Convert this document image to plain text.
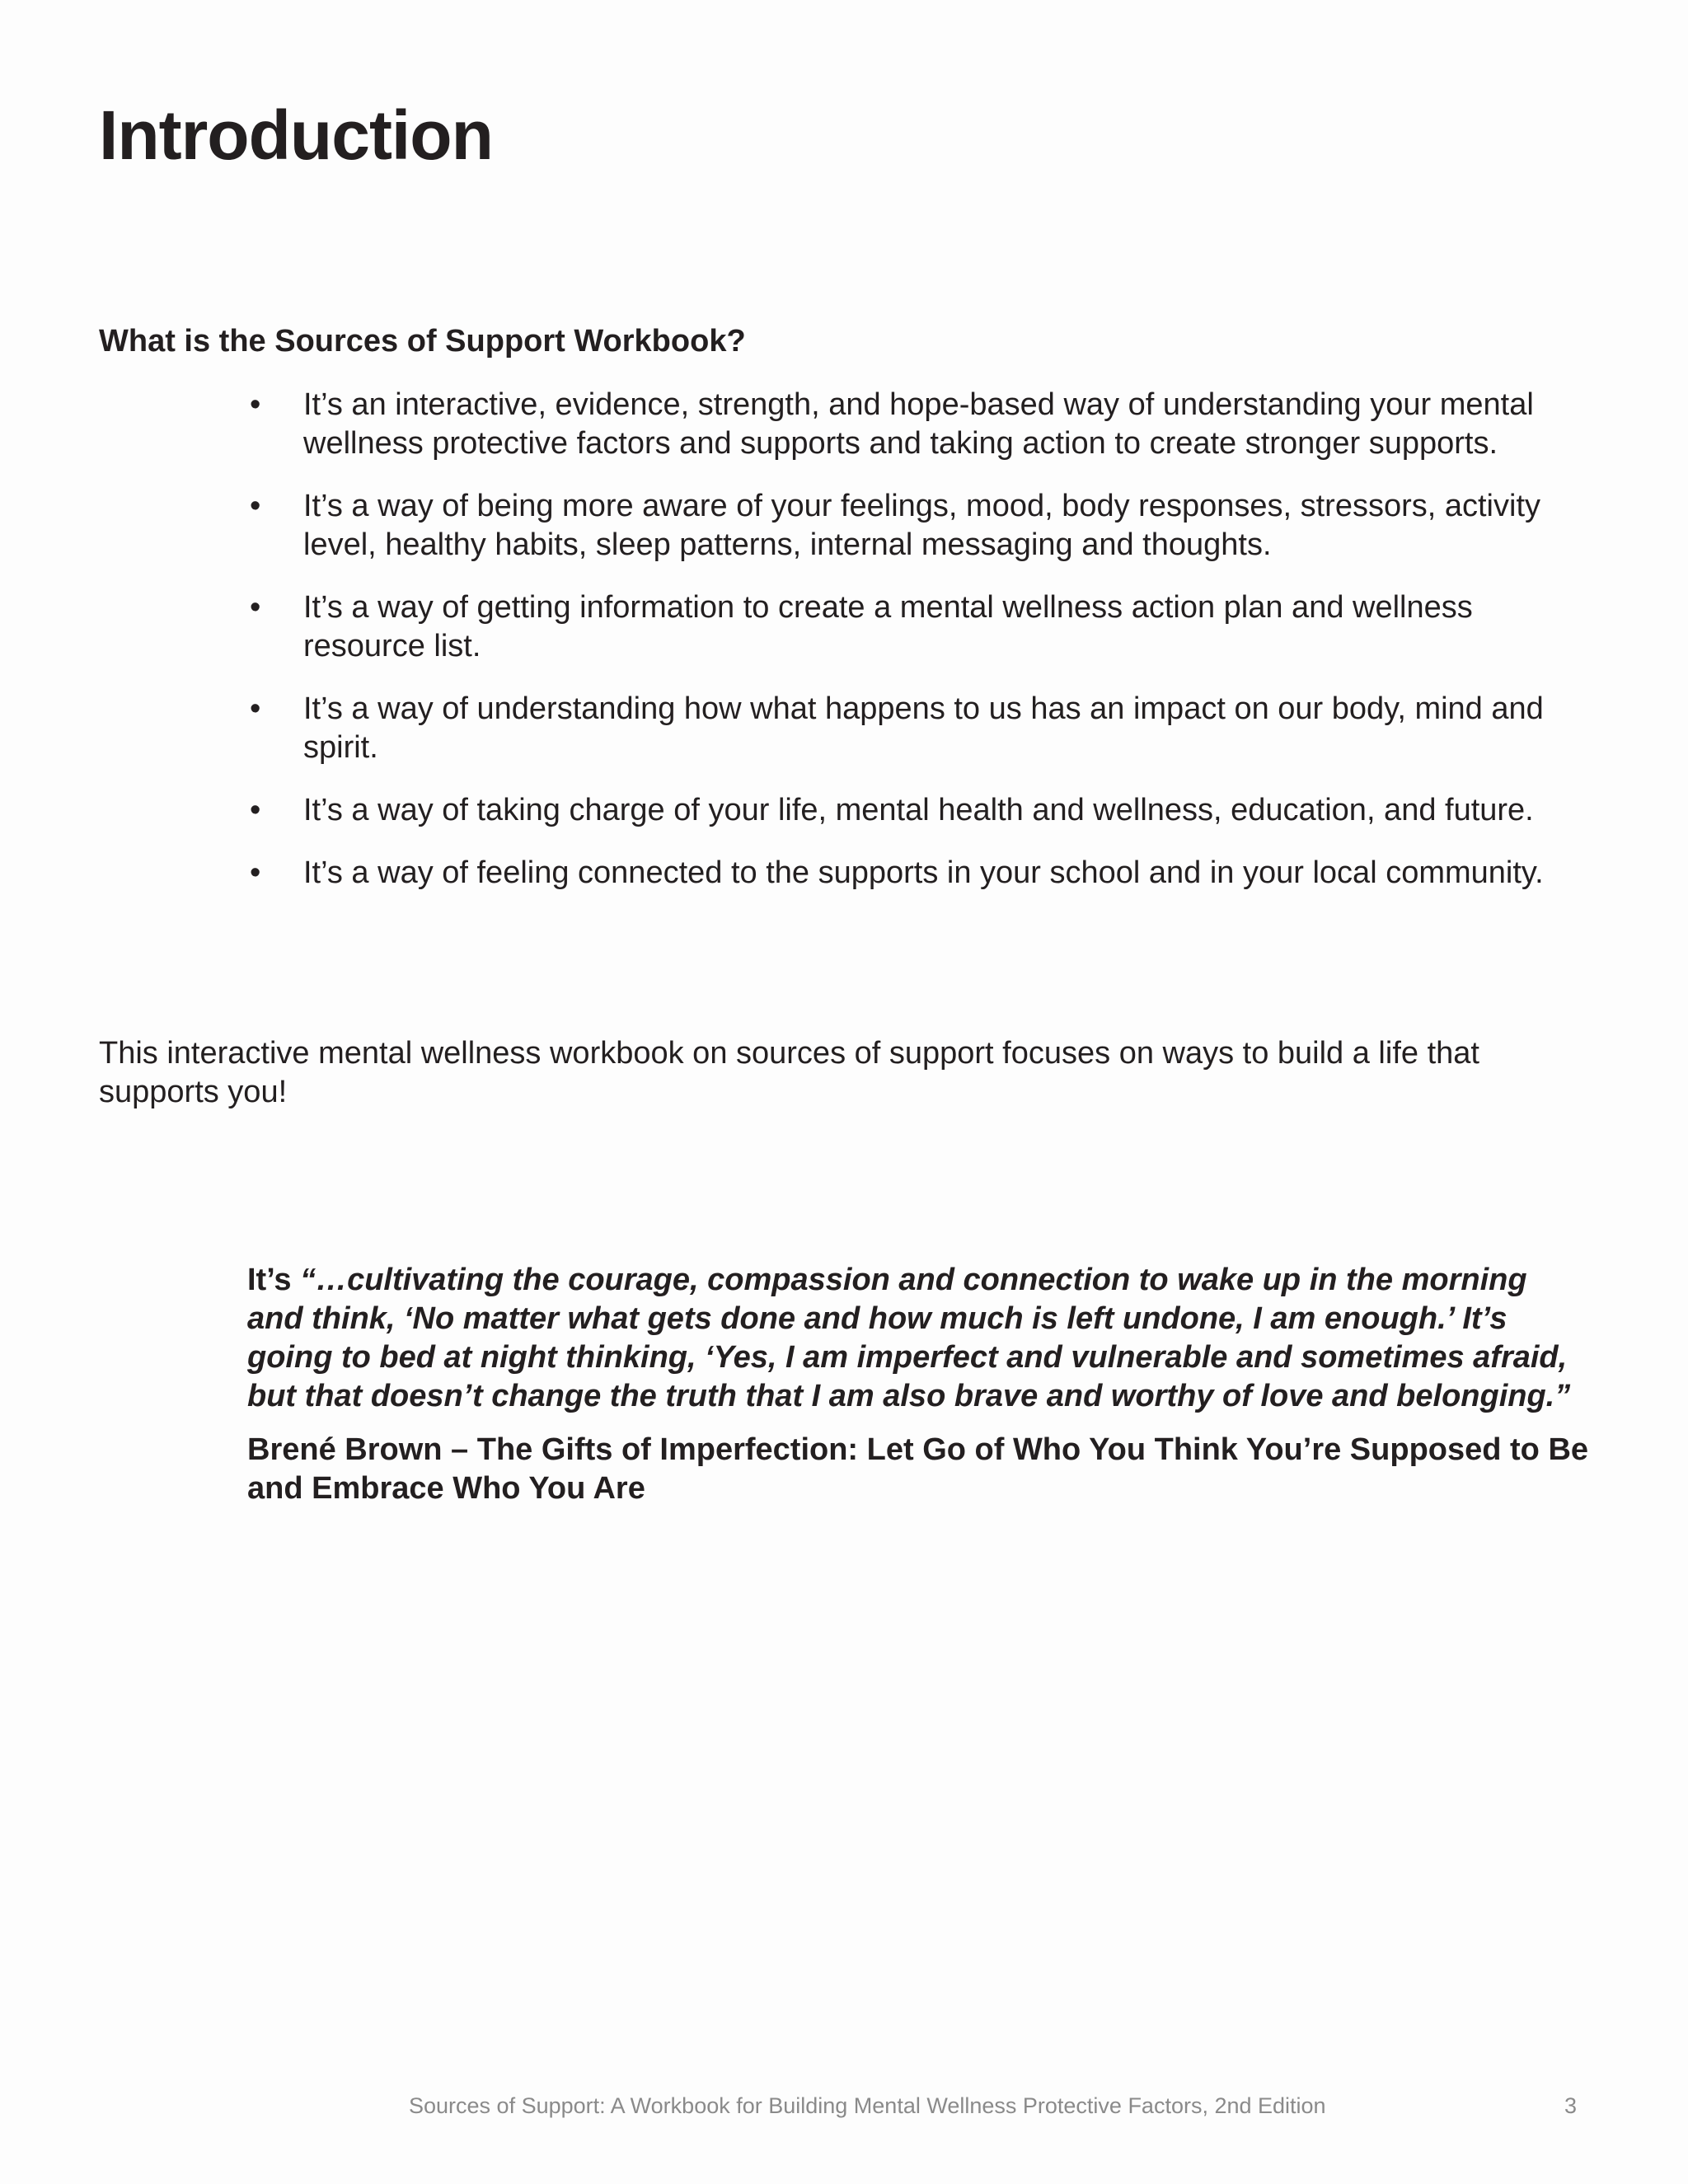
Introduction
What is the Sources of Support Workbook?
• It’s an interactive, evidence, strength, and hope-based way of understanding your mental wellness protective factors and supports and taking action to create stronger supports.
• It’s a way of being more aware of your feelings, mood, body responses, stressors, activity level, healthy habits, sleep patterns, internal messaging and thoughts.
• It’s a way of getting information to create a mental wellness action plan and wellness resource list.
• It’s a way of understanding how what happens to us has an impact on our body, mind and spirit.
• It’s a way of taking charge of your life, mental health and wellness, education, and future.
• It’s a way of feeling connected to the supports in your school and in your local community.

This interactive mental wellness workbook on sources of support focuses on ways to build a life that supports you!

It’s “…cultivating the courage, compassion and connection to wake up in the morning and think, ‘No matter what gets done and how much is left undone, I am enough.’ It’s going to bed at night thinking, ‘Yes, I am imperfect and vulnerable and sometimes afraid, but that doesn’t change the truth that I am also brave and worthy of love and belonging.”

Brené Brown – The Gifts of Imperfection: Let Go of Who You Think You’re Supposed to Be and Embrace Who You Are

Sources of Support: A Workbook for Building Mental Wellness Protective Factors, 2nd Edition	3
